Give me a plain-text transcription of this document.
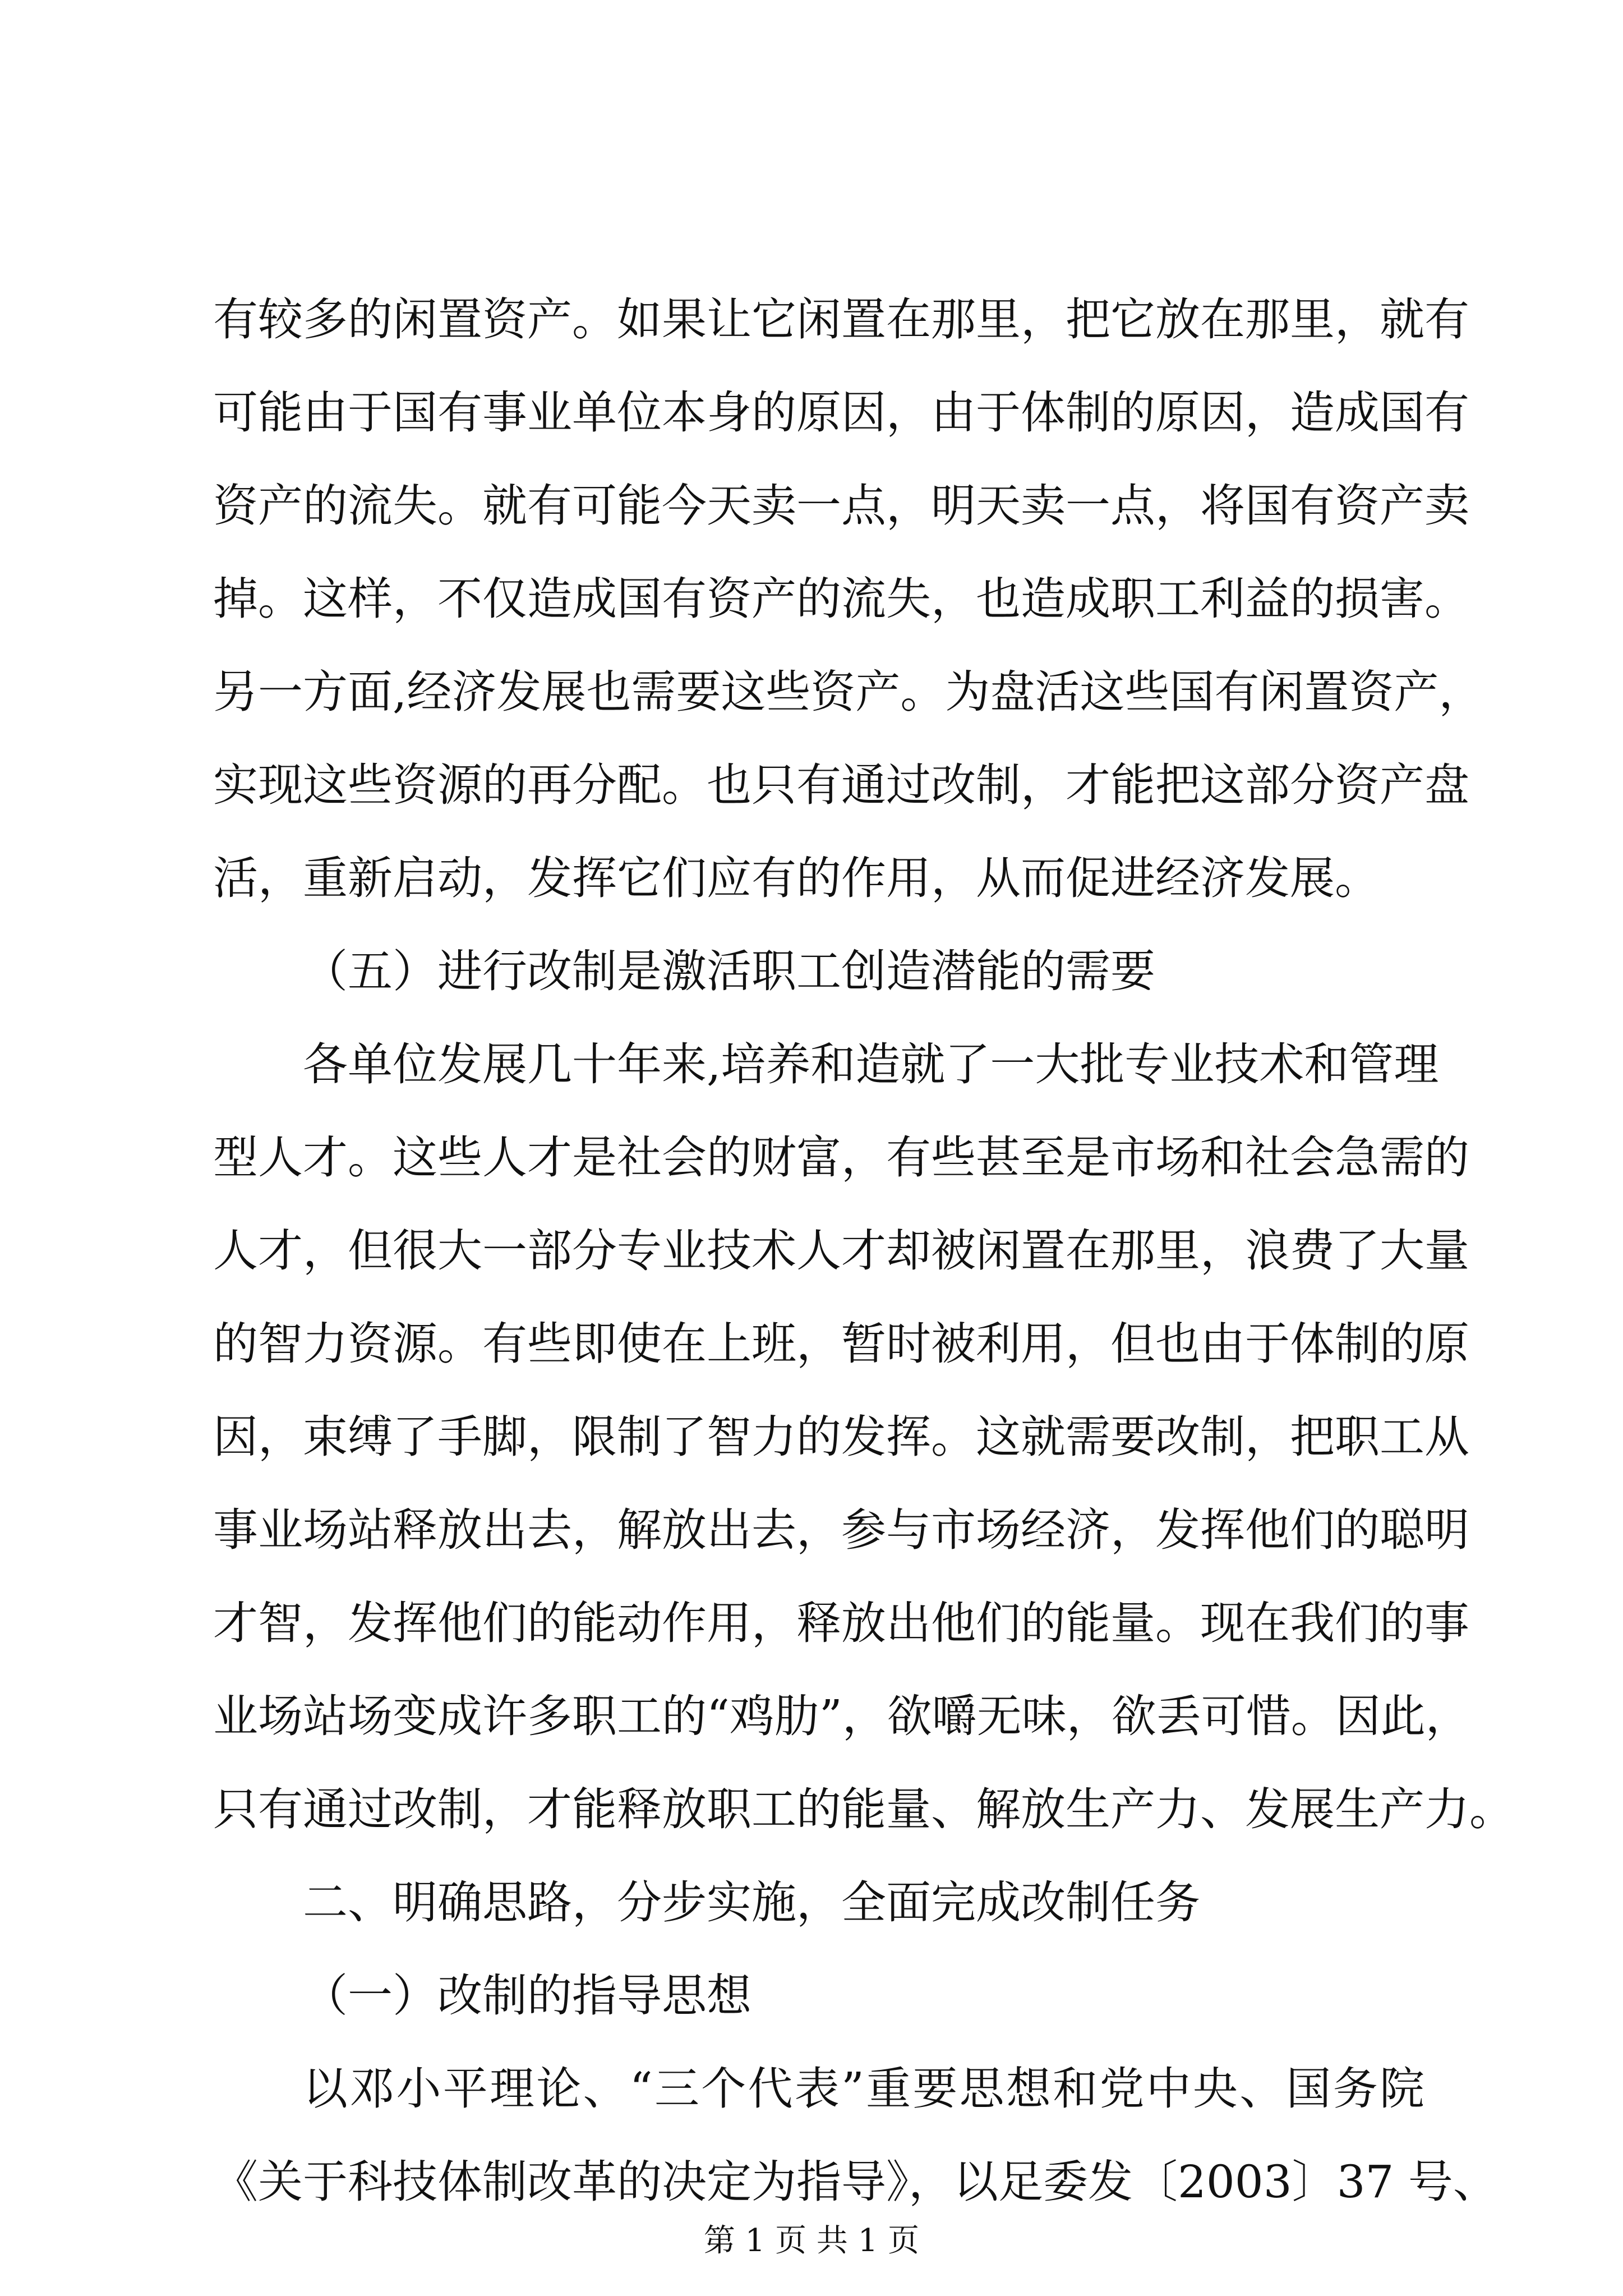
有较多的闲置资产。如果让它闲置在那里，把它放在那里，就有
可能由于国有事业单位本身的原因，由于体制的原因，造成国有
资产的流失。就有可能今天卖一点，明天卖一点，将国有资产卖
掉。这样，不仅造成国有资产的流失，也造成职工利益的损害。
另一方面,经济发展也需要这些资产。为盘活这些国有闲置资产，
实现这些资源的再分配。也只有通过改制，才能把这部分资产盘
活，重新启动，发挥它们应有的作用，从而促进经济发展。
（五）进行改制是激活职工创造潜能的需要
各单位发展几十年来,培养和造就了一大批专业技术和管理
型人才。这些人才是社会的财富，有些甚至是市场和社会急需的
人才，但很大一部分专业技术人才却被闲置在那里，浪费了大量
的智力资源。有些即使在上班，暂时被利用，但也由于体制的原
因，束缚了手脚，限制了智力的发挥。这就需要改制，把职工从
事业场站释放出去，解放出去，参与市场经济，发挥他们的聪明
才智，发挥他们的能动作用，释放出他们的能量。现在我们的事
业场站场变成许多职工的“鸡肋”，欲嚼无味，欲丢可惜。因此，
只有通过改制，才能释放职工的能量、解放生产力、发展生产力。
二、明确思路，分步实施，全面完成改制任务
（一）改制的指导思想
以邓小平理论、“三个代表”重要思想和党中央、国务院
《关于科技体制改革的决定为指导》，以足委发〔2003〕37 号、
第 1 页 共 1 页
